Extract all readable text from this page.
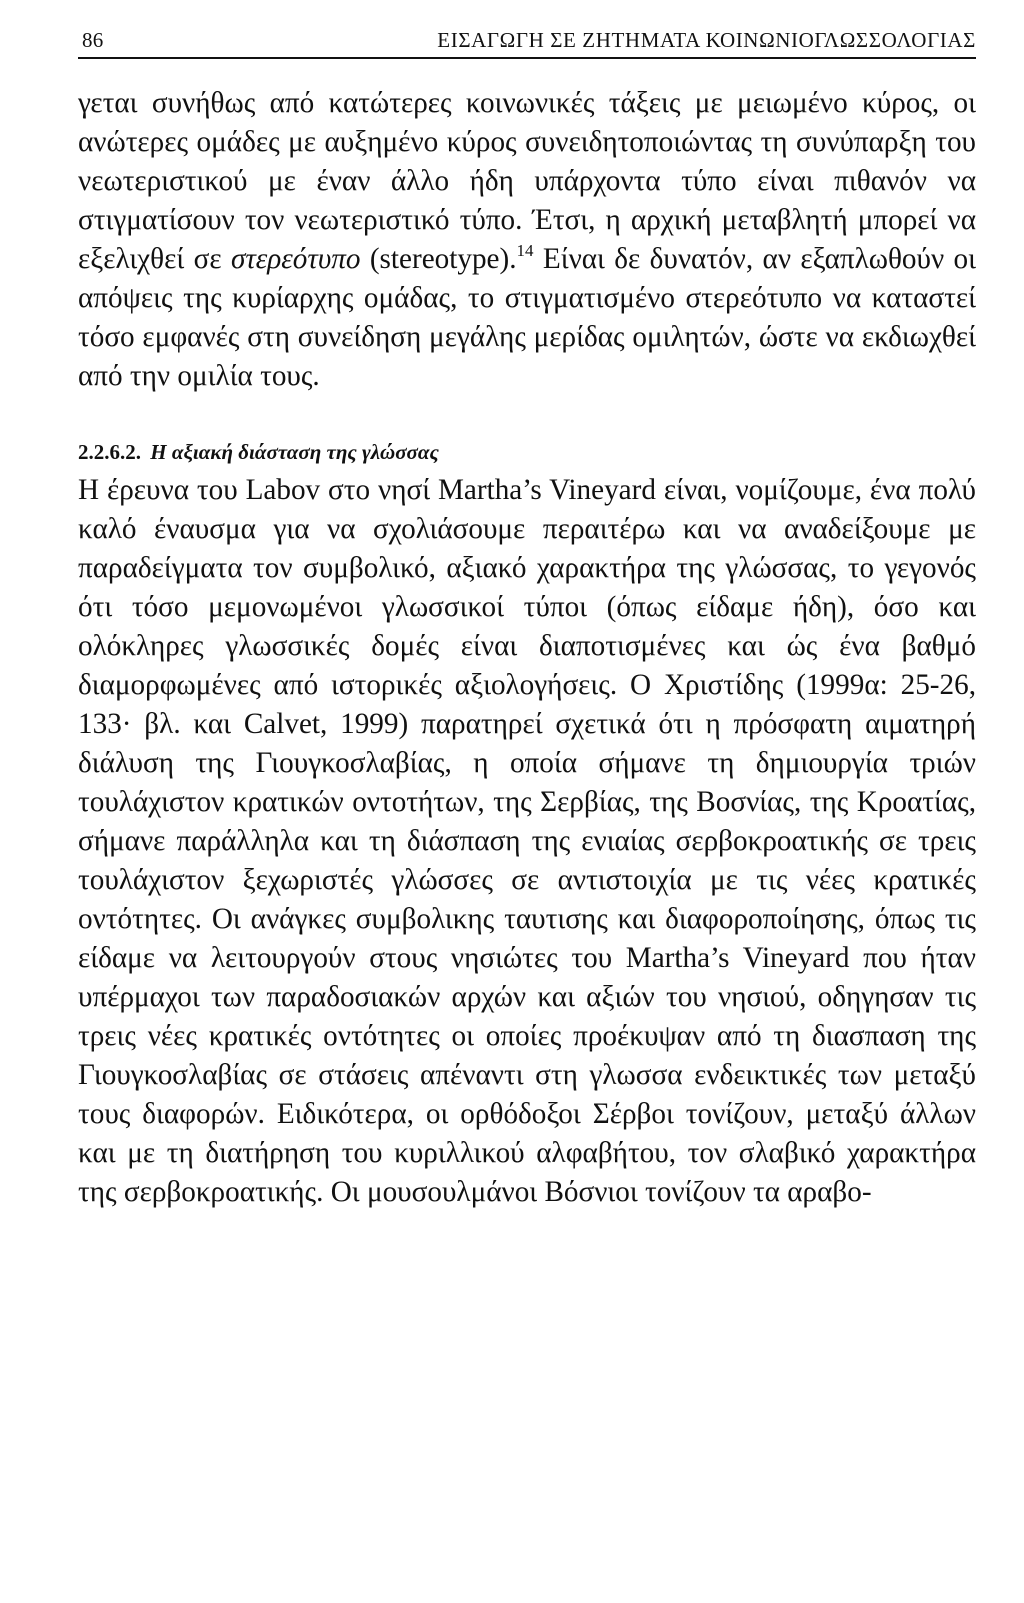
86	ΕΙΣΑΓΩΓΗ ΣΕ ΖΗΤΗΜΑΤΑ ΚΟΙΝΩΝΙΟΓΛΩΣΣΟΛΟΓΙΑΣ

γεται συνήθως από κατώτερες κοινωνικές τάξεις με μειωμένο κύρος, οι ανώτερες ομάδες με αυξημένο κύρος συνειδητοποιώντας τη συνύπαρξη του νεωτεριστικού με έναν άλλο ήδη υπάρχοντα τύπο είναι πιθανόν να στιγματίσουν τον νεωτεριστικό τύπο. Έτσι, η αρχική μεταβλητή μπορεί να εξελιχθεί σε στερεότυπο (stereotype).$^{14}$ Είναι δε δυνατόν, αν εξαπλωθούν οι απόψεις της κυρίαρχης ομάδας, το στιγματισμένο στερεότυπο να καταστεί τόσο εμφανές στη συνείδηση μεγάλης μερίδας ομιλητών, ώστε να εκδιωχθεί από την ομιλία τους.

2.2.6.2. Η αξιακή διάσταση της γλώσσας

Η έρευνα του Labov στο νησί Martha’s Vineyard είναι, νομίζουμε, ένα πολύ καλό έναυσμα για να σχολιάσουμε περαιτέρω και να αναδείξουμε με παραδείγματα τον συμβολικό, αξιακό χαρακτήρα της γλώσσας, το γεγονός ότι τόσο μεμονωμένοι γλωσσικοί τύποι (όπως είδαμε ήδη), όσο και ολόκληρες γλωσσικές δομές είναι διαποτισμένες και ώς ένα βαθμό διαμορφωμένες από ιστορικές αξιολογήσεις. Ο Χριστίδης (1999α: 25-26, 133· βλ. και Calvet, 1999) παρατηρεί σχετικά ότι η πρόσφατη αιματηρή διάλυση της Γιουγκοσλαβίας, η οποία σήμανε τη δημιουργία τριών τουλάχιστον κρατικών οντοτήτων, της Σερβίας, της Βοσνίας, της Κροατίας, σήμανε παράλληλα και τη διάσπαση της ενιαίας σερβοκροατικής σε τρεις τουλάχιστον ξεχωριστές γλώσσες σε αντιστοιχία με τις νέες κρατικές οντότητες. Οι ανάγκες συμβολικης ταυτισης και διαφοροποίησης, όπως τις είδαμε να λειτουργούν στους νησιώτες του Martha’s Vineyard που ήταν υπέρμαχοι των παραδοσιακών αρχών και αξιών του νησιού, οδηγησαν τις τρεις νέες κρατικές οντότητες οι οποίες προέκυψαν από τη διασπαση της Γιουγκοσλαβίας σε στάσεις απέναντι στη γλωσσα ενδεικτικές των μεταξύ τους διαφορών. Ειδικότερα, οι ορθόδοξοι Σέρβοι τονίζουν, μεταξύ άλλων και με τη διατήρηση του κυριλλικού αλφαβήτου, τον σλαβικό χαρακτήρα της σερβοκροατικής. Οι μουσουλμάνοι Βόσνιοι τονίζουν τα αραβο-
